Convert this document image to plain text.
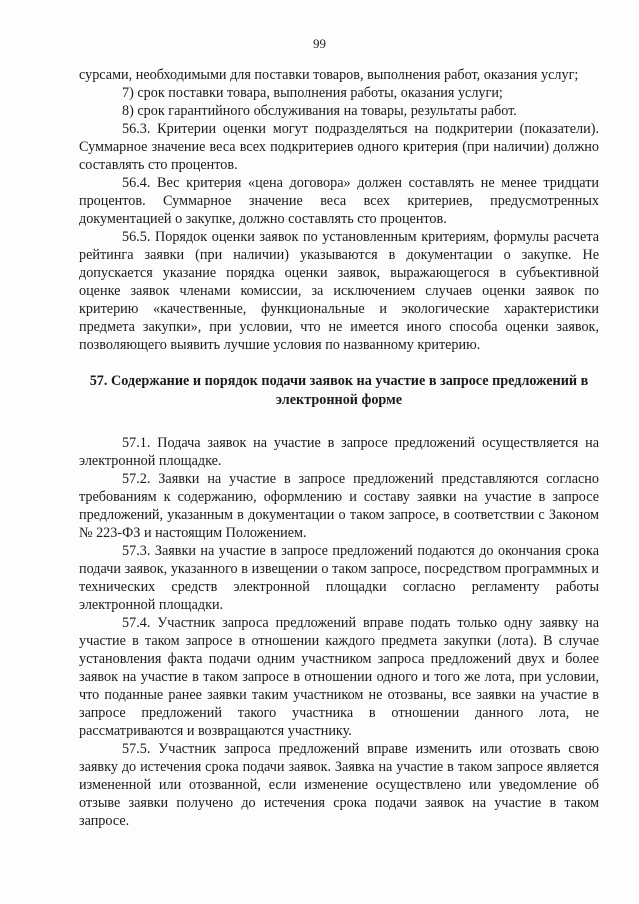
99

сурсами, необходимыми для поставки товаров, выполнения работ, оказания услуг;

7) срок поставки товара, выполнения работы, оказания услуги;

8) срок гарантийного обслуживания на товары, результаты работ.

56.3. Критерии оценки могут подразделяться на подкритерии (показатели). Суммарное значение веса всех подкритериев одного критерия (при наличии) должно составлять сто процентов.

56.4. Вес критерия «цена договора» должен составлять не менее тридцати процентов. Суммарное значение веса всех критериев, предусмотренных документацией о закупке, должно составлять сто процентов.

56.5. Порядок оценки заявок по установленным критериям, формулы расчета рейтинга заявки (при наличии) указываются в документации о закупке. Не допускается указание порядка оценки заявок, выражающегося в субъективной оценке заявок членами комиссии, за исключением случаев оценки заявок по критерию «качественные, функциональные и экологические характеристики предмета закупки», при условии, что не имеется иного способа оценки заявок, позволяющего выявить лучшие условия по названному критерию.

57. Содержание и порядок подачи заявок на участие в запросе предложений в электронной форме

57.1. Подача заявок на участие в запросе предложений осуществляется на электронной площадке.

57.2. Заявки на участие в запросе предложений представляются согласно требованиям к содержанию, оформлению и составу заявки на участие в запросе предложений, указанным в документации о таком запросе, в соответствии с Законом № 223-ФЗ и настоящим Положением.

57.3. Заявки на участие в запросе предложений подаются до окончания срока подачи заявок, указанного в извещении о таком запросе, посредством программных и технических средств электронной площадки согласно регламенту работы электронной площадки.

57.4. Участник запроса предложений вправе подать только одну заявку на участие в таком запросе в отношении каждого предмета закупки (лота). В случае установления факта подачи одним участником запроса предложений двух и более заявок на участие в таком запросе в отношении одного и того же лота, при условии, что поданные ранее заявки таким участником не отозваны, все заявки на участие в запросе предложений такого участника в отношении данного лота, не рассматриваются и возвращаются участнику.

57.5. Участник запроса предложений вправе изменить или отозвать свою заявку до истечения срока подачи заявок. Заявка на участие в таком запросе является измененной или отозванной, если изменение осуществлено или уведомление об отзыве заявки получено до истечения срока подачи заявок на участие в таком запросе.
